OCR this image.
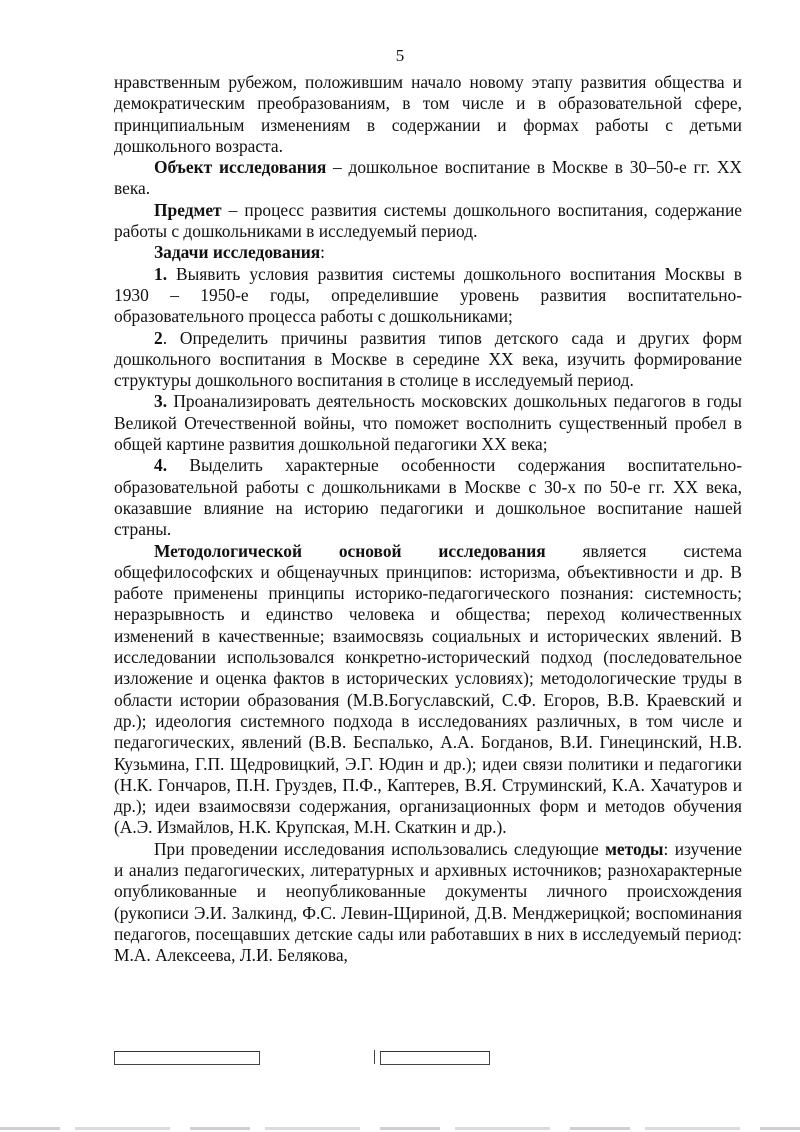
5

нравственным рубежом, положившим начало новому этапу развития общества и демократическим преобразованиям, в том числе и в образовательной сфере, принципиальным изменениям в содержании и формах работы с детьми дошкольного возраста.

Объект исследования – дошкольное воспитание в Москве в 30–50-е гг. XX века.

Предмет – процесс развития системы дошкольного воспитания, содержание работы с дошкольниками в исследуемый период.

Задачи исследования:

1. Выявить условия развития системы дошкольного воспитания Москвы в 1930 – 1950-е годы, определившие уровень развития воспитательно-образовательного процесса работы с дошкольниками;

2. Определить причины развития типов детского сада и других форм дошкольного воспитания в Москве в середине XX века, изучить формирование структуры дошкольного воспитания в столице в исследуемый период.

3. Проанализировать деятельность московских дошкольных педагогов в годы Великой Отечественной войны, что поможет восполнить существенный пробел в общей картине развития дошкольной педагогики XX века;

4. Выделить характерные особенности содержания воспитательно-образовательной работы с дошкольниками в Москве с 30-х по 50-е гг. XX века, оказавшие влияние на историю педагогики и дошкольное воспитание нашей страны.

Методологической основой исследования является система общефилософских и общенаучных принципов: историзма, объективности и др. В работе применены принципы историко-педагогического познания: системность; неразрывность и единство человека и общества; переход количественных изменений в качественные; взаимосвязь социальных и исторических явлений. В исследовании использовался конкретно-исторический подход (последовательное изложение и оценка фактов в исторических условиях); методологические труды в области истории образования (М.В.Богуславский, С.Ф. Егоров, В.В. Краевский и др.); идеология системного подхода в исследованиях различных, в том числе и педагогических, явлений (В.В. Беспалько, А.А. Богданов, В.И. Гинецинский, Н.В. Кузьмина, Г.П. Щедровицкий, Э.Г. Юдин и др.); идеи связи политики и педагогики (Н.К. Гончаров, П.Н. Груздев, П.Ф., Каптерев, В.Я. Струминский, К.А. Хачатуров и др.); идеи взаимосвязи содержания, организационных форм и методов обучения (А.Э. Измайлов, Н.К. Крупская, М.Н. Скаткин и др.).

При проведении исследования использовались следующие методы: изучение и анализ педагогических, литературных и архивных источников; разнохарактерные опубликованные и неопубликованные документы личного происхождения (рукописи Э.И. Залкинд, Ф.С. Левин-Щириной, Д.В. Менджерицкой; воспоминания педагогов, посещавших детские сады или работавших в них в исследуемый период: М.А. Алексеева, Л.И. Белякова,
